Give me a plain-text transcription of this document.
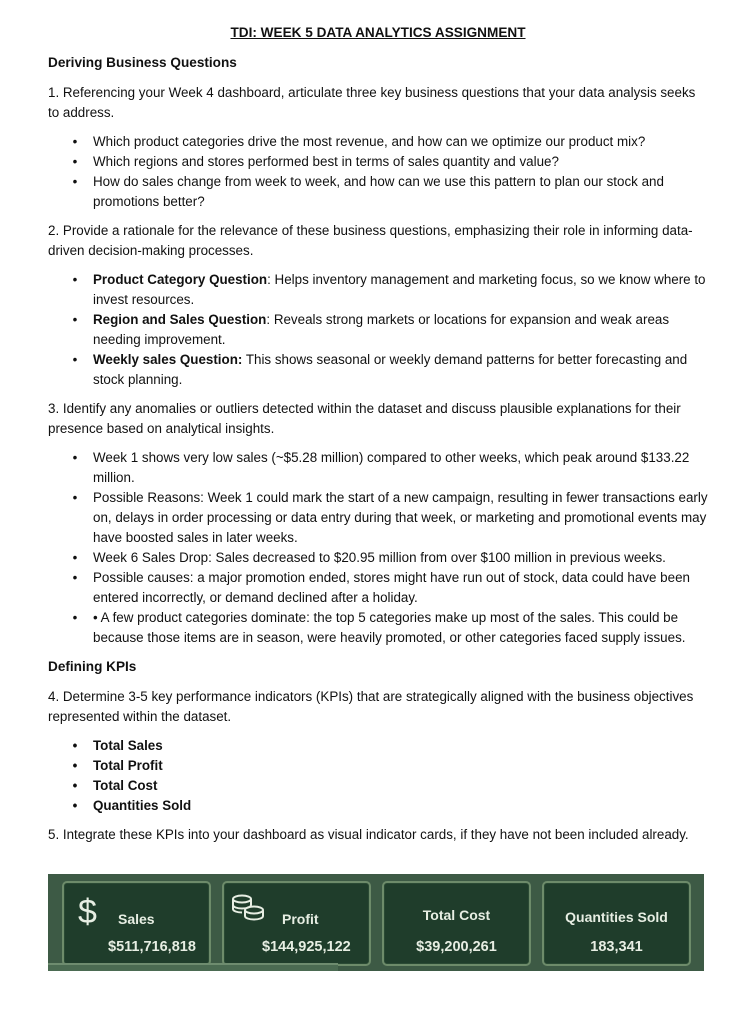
TDI: WEEK 5 DATA ANALYTICS ASSIGNMENT

Deriving Business Questions

1. Referencing your Week 4 dashboard, articulate three key business questions that your data analysis seeks to address.

• Which product categories drive the most revenue, and how can we optimize our product mix?
• Which regions and stores performed best in terms of sales quantity and value?
• How do sales change from week to week, and how can we use this pattern to plan our stock and promotions better?

2. Provide a rationale for the relevance of these business questions, emphasizing their role in informing data-driven decision-making processes.

• Product Category Question: Helps inventory management and marketing focus, so we know where to invest resources.
• Region and Sales Question: Reveals strong markets or locations for expansion and weak areas needing improvement.
• Weekly sales Question: This shows seasonal or weekly demand patterns for better forecasting and stock planning.

3. Identify any anomalies or outliers detected within the dataset and discuss plausible explanations for their presence based on analytical insights.

• Week 1 shows very low sales (~$5.28 million) compared to other weeks, which peak around $133.22 million.
• Possible Reasons: Week 1 could mark the start of a new campaign, resulting in fewer transactions early on, delays in order processing or data entry during that week, or marketing and promotional events may have boosted sales in later weeks.
• Week 6 Sales Drop: Sales decreased to $20.95 million from over $100 million in previous weeks.
• Possible causes: a major promotion ended, stores might have run out of stock, data could have been entered incorrectly, or demand declined after a holiday.
• • A few product categories dominate: the top 5 categories make up most of the sales. This could be because those items are in season, were heavily promoted, or other categories faced supply issues.

Defining KPIs

4. Determine 3-5 key performance indicators (KPIs) that are strategically aligned with the business objectives represented within the dataset.

• Total Sales
• Total Profit
• Total Cost
• Quantities Sold

5. Integrate these KPIs into your dashboard as visual indicator cards, if they have not been included already.

$ Sales
$511,716,818
Profit
$144,925,122
Total Cost
$39,200,261
Quantities Sold
183,341
